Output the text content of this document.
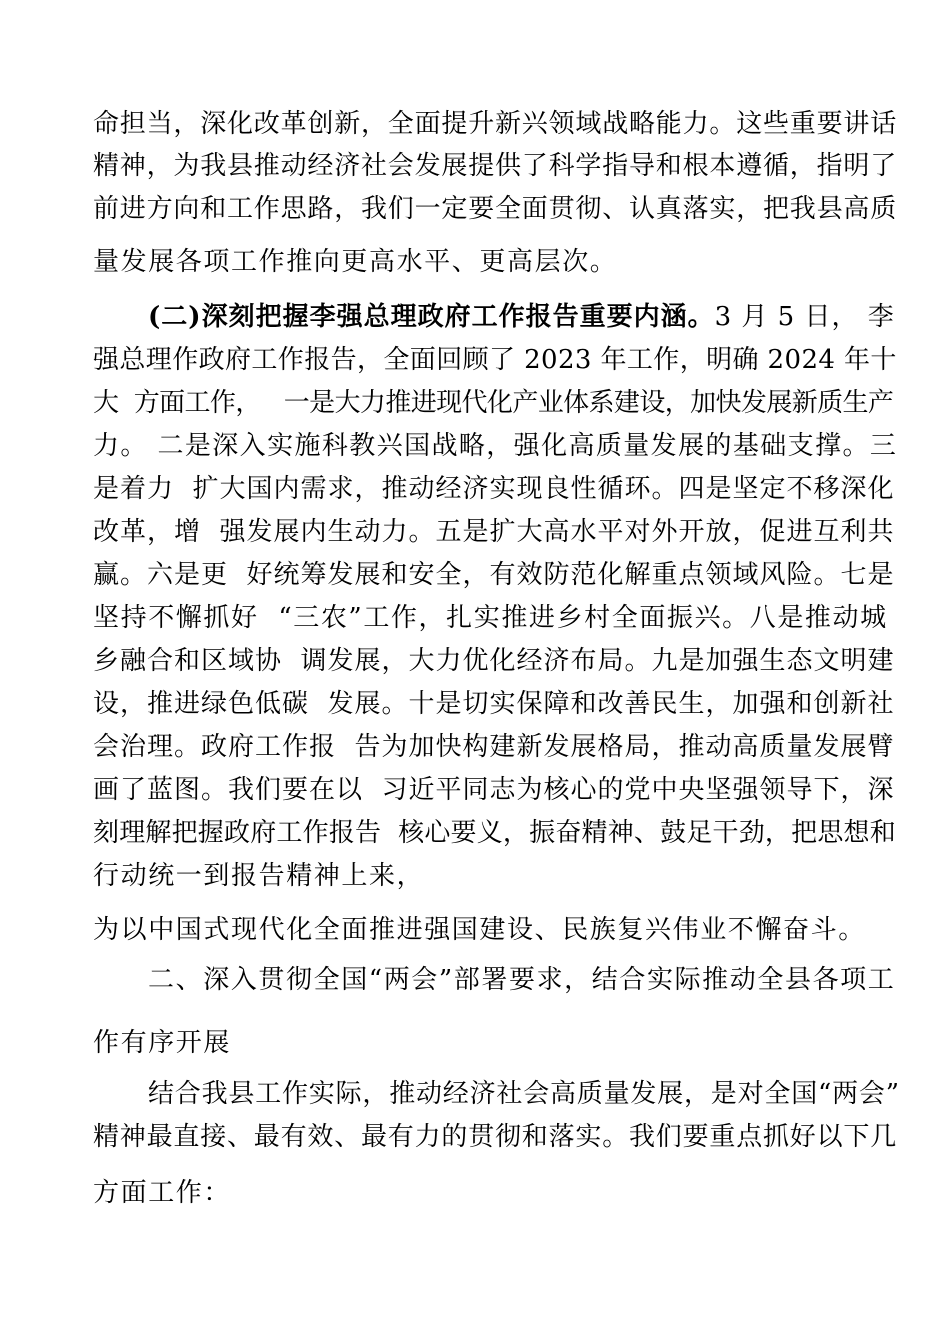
命担当，深化改革创新，全面提升新兴领域战略能力。这些重要讲话
精神，为我县推动经济社会发展提供了科学指导和根本遵循，指明了
前进方向和工作思路，我们一定要全面贯彻、认真落实，把我县高质
量发展各项工作推向更高水平、更高层次。
(二)深刻把握李强总理政府工作报告重要内涵。3 月 5 日， 李
强总理作政府工作报告，全面回顾了 2023 年工作，明确 2024 年十
大  方面工作，   一是大力推进现代化产业体系建设，加快发展新质生产
力。 二是深入实施科教兴国战略，强化高质量发展的基础支撑。三
是着力  扩大国内需求，推动经济实现良性循环。四是坚定不移深化
改革，增  强发展内生动力。五是扩大高水平对外开放，促进互利共
赢。六是更  好统筹发展和安全，有效防范化解重点领域风险。七是
坚持不懈抓好  “三农”工作，扎实推进乡村全面振兴。八是推动城
乡融合和区域协  调发展，大力优化经济布局。九是加强生态文明建
设，推进绿色低碳  发展。十是切实保障和改善民生，加强和创新社
会治理。政府工作报  告为加快构建新发展格局，推动高质量发展臂
画了蓝图。我们要在以  习近平同志为核心的党中央坚强领导下，深
刻理解把握政府工作报告  核心要义，振奋精神、鼓足干劲，把思想和
行动统一到报告精神上来，
为以中国式现代化全面推进强国建设、民族复兴伟业不懈奋斗。
二、深入贯彻全国“两会”部署要求，结合实际推动全县各项工
作有序开展
结合我县工作实际，推动经济社会高质量发展，是对全国“两会”
精神最直接、最有效、最有力的贯彻和落实。我们要重点抓好以下几
方面工作：
